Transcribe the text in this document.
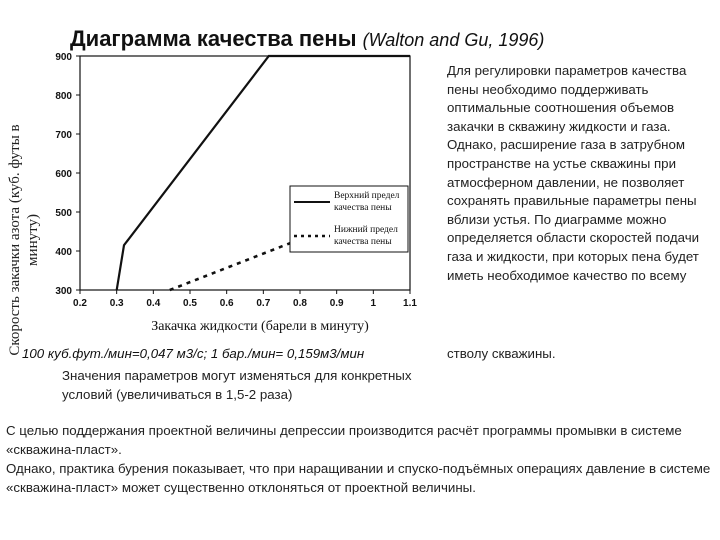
Диаграмма качества пены (Walton and Gu, 1996)
Скорость закачки азота (куб. футы в минуту)
0.2 0.3 0.4 0.5 0.6 0.7 0.8 0.9	1	1.1
300
400
500
600
700
800
900
Верхний предел качества пены
Нижний предел качества пены
Закачка жидкости (барели в минуту)
Для регулировки параметров качества пены необходимо поддерживать оптимальные соотношения объемов закачки в скважину жидкости и газа. Однако, расширение газа в затрубном пространстве на устье скважины при атмосферном давлении, не позволяет сохранять правильные параметры пены вблизи устья. По диаграмме можно определяется области скоростей подачи газа и жидкости, при которых пена будет иметь необходимое качество по всему
100 куб.фут./мин=0,047 м3/с; 1 бар./мин= 0,159м3/мин	стволу скважины.
Значения параметров могут изменяться для конкретных условий (увеличиваться в 1,5-2 раза)

С целью поддержания проектной величины депрессии производится расчёт программы промывки в системе «скважина-пласт».

Однако, практика бурения показывает, что при наращивании и спуско-подъёмных операциях давление в системе «скважина-пласт» может существенно отклоняться от проектной величины.
